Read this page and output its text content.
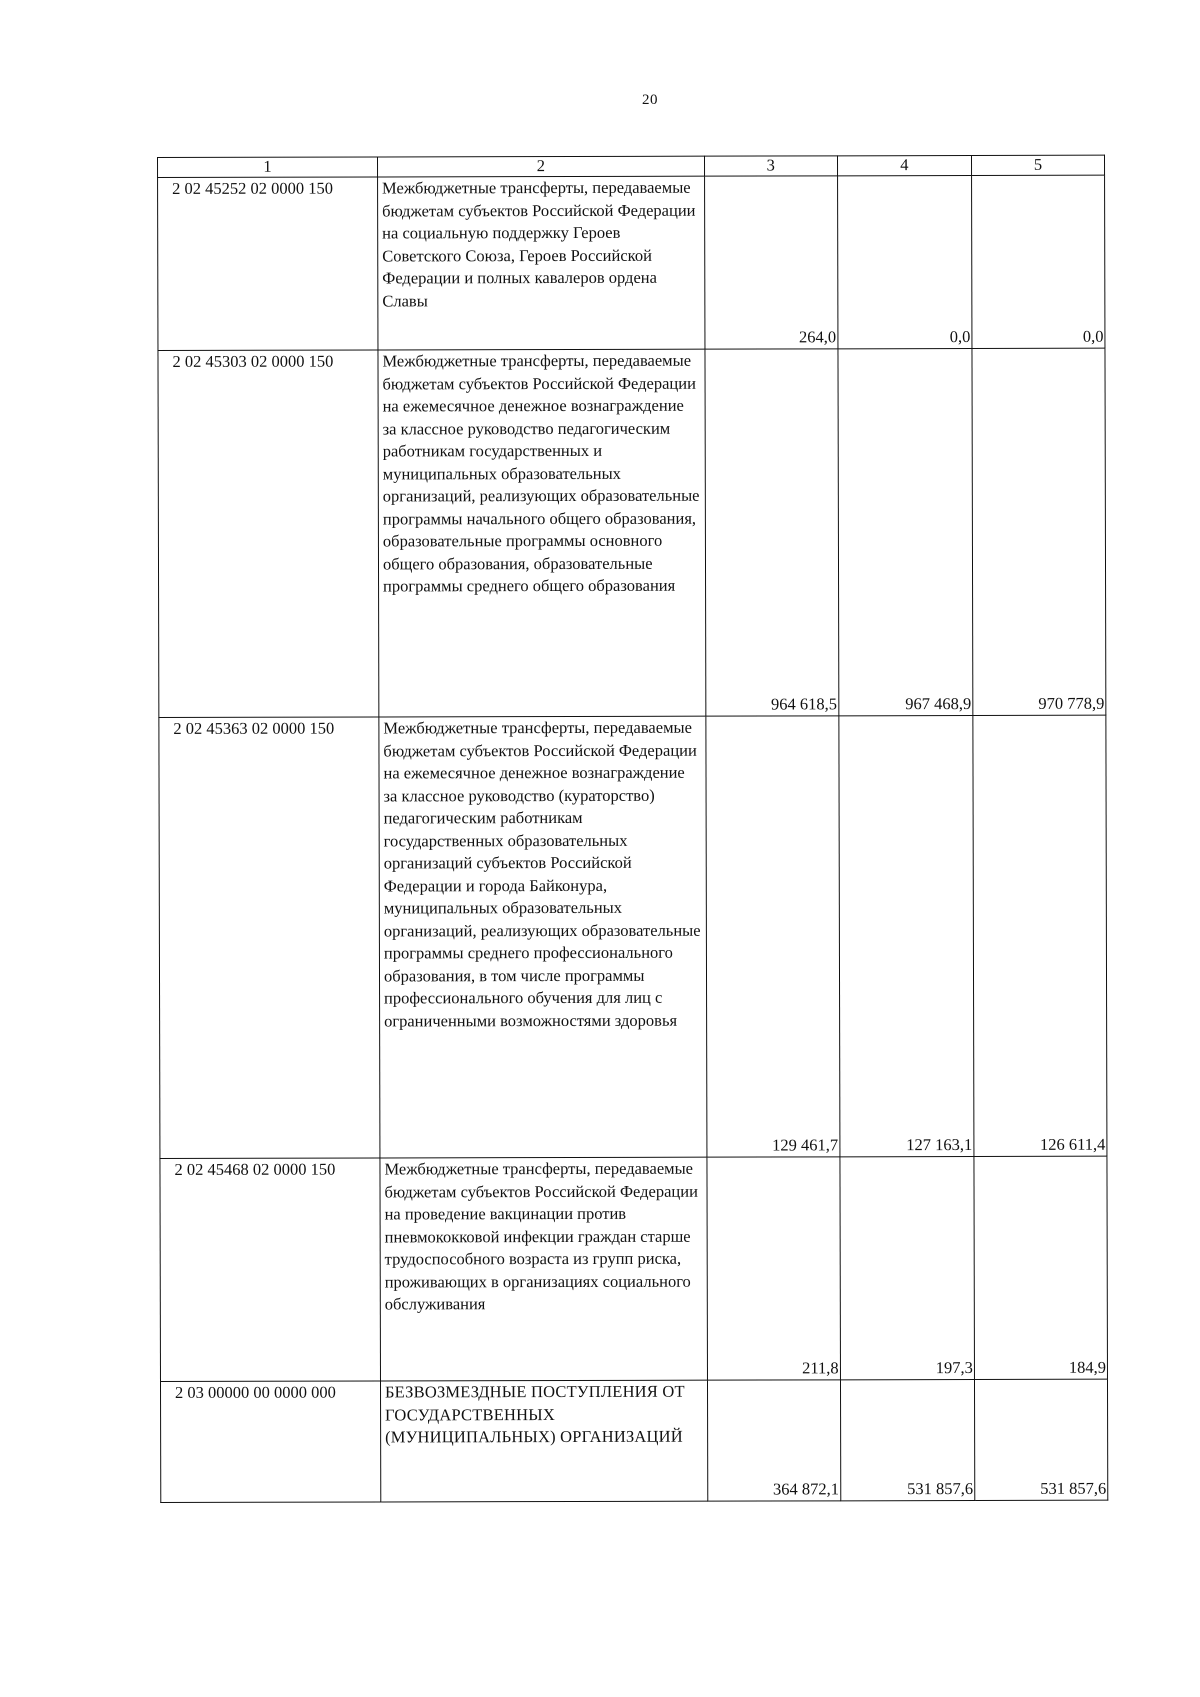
20
1	2	3	4	5
2 02 45252 02 0000 150	Межбюджетные трансферты, передаваемые бюджетам субъектов Российской Федерации на социальную поддержку Героев Советского Союза, Героев Российской Федерации и полных кавалеров ордена Славы	264,0	0,0	0,0
2 02 45303 02 0000 150	Межбюджетные трансферты, передаваемые бюджетам субъектов Российской Федерации на ежемесячное денежное вознаграждение за классное руководство педагогическим работникам государственных и муниципальных образовательных организаций, реализующих образовательные программы начального общего образования, образовательные программы основного общего образования, образовательные программы среднего общего образования	964 618,5	967 468,9	970 778,9
2 02 45363 02 0000 150	Межбюджетные трансферты, передаваемые бюджетам субъектов Российской Федерации на ежемесячное денежное вознаграждение за классное руководство (кураторство) педагогическим работникам государственных образовательных организаций субъектов Российской Федерации и города Байконура, муниципальных образовательных организаций, реализующих образовательные программы среднего профессионального образования, в том числе программы профессионального обучения для лиц с ограниченными возможностями здоровья	129 461,7	127 163,1	126 611,4
2 02 45468 02 0000 150	Межбюджетные трансферты, передаваемые бюджетам субъектов Российской Федерации на проведение вакцинации против пневмококковой инфекции граждан старше трудоспособного возраста из групп риска, проживающих в организациях социального обслуживания	211,8	197,3	184,9
2 03 00000 00 0000 000	БЕЗВОЗМЕЗДНЫЕ ПОСТУПЛЕНИЯ ОТ ГОСУДАРСТВЕННЫХ (МУНИЦИПАЛЬНЫХ) ОРГАНИЗАЦИЙ	364 872,1	531 857,6	531 857,6
